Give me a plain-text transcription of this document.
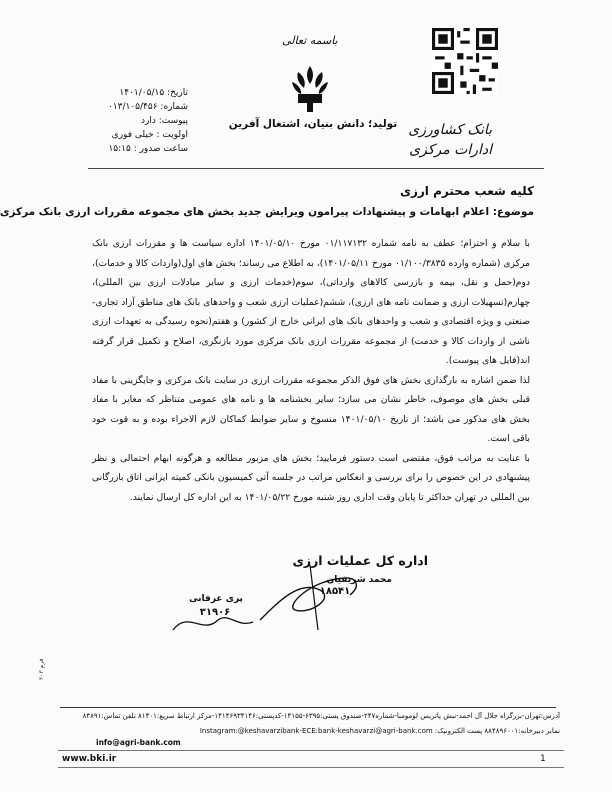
باسمه تعالی
تولید؛ دانش بنیان، اشتغال آفرین
تاریخ: ۱۴۰۱/۰۵/۱۵
شماره: ۰۱۳/۱۰۵/۴۵۶
پیوست: دارد
اولویت : خیلی فوری
ساعت صدور : ۱۵:۱۵
بانک کشاورزی
ادارات مرکزی
کلیه شعب محترم ارزی
موضوع: اعلام ابهامات و پیشنهادات پیرامون ویرایش جدید بخش های مجموعه مقررات ارزی بانک مرکزی

با سلام و احترام؛ عطف به نامه شماره ۰۱/۱۱۷۱۳۲ مورخ ۱۴۰۱/۰۵/۱۰ اداره سیاست ها و مقررات ارزی بانک مرکزی (شماره وارده ۰۱/۱۰۰/۳۸۳۵ مورخ ۱۴۰۱/۰۵/۱۱)، به اطلاع می رساند؛ بخش های اول(واردات کالا و خدمات)، دوم(حمل و نقل، بیمه و بازرسی کالاهای وارداتی)، سوم(خدمات ارزی و سایر مبادلات ارزی بین المللی)، چهارم(تسهیلات ارزی و ضمانت نامه های ارزی)، ششم(عملیات ارزی شعب و واحدهای بانک های مناطق آزاد تجاری-صنعتی و ویژه اقتصادی و شعب و واحدهای بانک های ایرانی خارج از کشور) و هفتم(نحوه رسیدگی به تعهدات ارزی ناشی از واردات کالا و خدمت) از مجموعه مقررات ارزی بانک مرکزی مورد بازنگری، اصلاح و تکمیل قرار گرفته اند(فایل های پیوست).

لذا ضمن اشاره به بارگذاری بخش های فوق الذکر مجموعه مقررات ارزی در سایت بانک مرکزی و جایگزینی با مفاد قبلی بخش های موصوف، خاطر نشان می سازد؛ سایر بخشنامه ها و نامه های عمومی متناظر که مغایر با مفاد بخش های مذکور می باشد؛ از تاریخ ۱۴۰۱/۰۵/۱۰ منسوخ و سایر ضوابط کماکان لازم الاجراء بوده و به قوت خود باقی است.

با عنایت به مراتب فوق، مقتضی است دستور فرمایید؛ بخش های مزبور مطالعه و هرگونه ابهام احتمالی و نظر پیشنهادی در این خصوص را برای بررسی و انعکاس مراتب در جلسه آتی کمیسیون بانکی کمیته ایرانی اتاق بازرگانی بین المللی در تهران حداکثر تا پایان وقت اداری روز شنبه مورخ ۱۴۰۱/۰۵/۲۲ به این اداره کل ارسال نمایند.

اداره کل عملیات ارزی
محمد شریفیان
۱۸۵۴۱
پری عرفانی
۳۱۹۰۶
فرم ۲۰۳
آدرس:تهران-بزرگراه جلال آل احمد-نبش پاتریس لومومبا-شماره۲۴۷-صندوق پستی:۶۳۹۵-۱۴۱۵۵-کدپستی:۱۴۱۴۶۹۳۴۱۴۶-مرکز ارتباط سریع:۸۱۳۰۱ تلفن تماس:۸۴۸۹۱
نمابر دبیرخانه:۸۸۴۸۹۶۰۰۱ پست الکترونیک: Instagram:@keshavarzibank-ECE:bank-keshavarzi@agri-bank.com
info@agri-bank.com
www.bki.ir	1
